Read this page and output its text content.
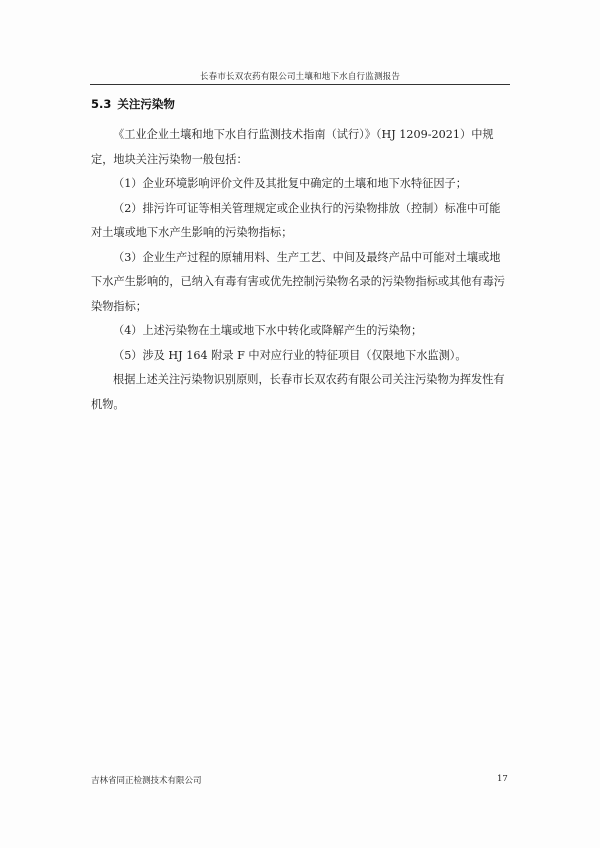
长春市长双农药有限公司土壤和地下水自行监测报告
5.3 关注污染物

《工业企业土壤和地下水自行监测技术指南（试行）》（HJ 1209-2021）中规定，地块关注污染物一般包括：

（1）企业环境影响评价文件及其批复中确定的土壤和地下水特征因子；

（2）排污许可证等相关管理规定或企业执行的污染物排放（控制）标准中可能对土壤或地下水产生影响的污染物指标；

（3）企业生产过程的原辅用料、生产工艺、中间及最终产品中可能对土壤或地下水产生影响的，已纳入有毒有害或优先控制污染物名录的污染物指标或其他有毒污染物指标；

（4）上述污染物在土壤或地下水中转化或降解产生的污染物；

（5）涉及 HJ 164 附录 F 中对应行业的特征项目（仅限地下水监测）。

根据上述关注污染物识别原则，长春市长双农药有限公司关注污染物为挥发性有机物。

吉林省同正检测技术有限公司	17
